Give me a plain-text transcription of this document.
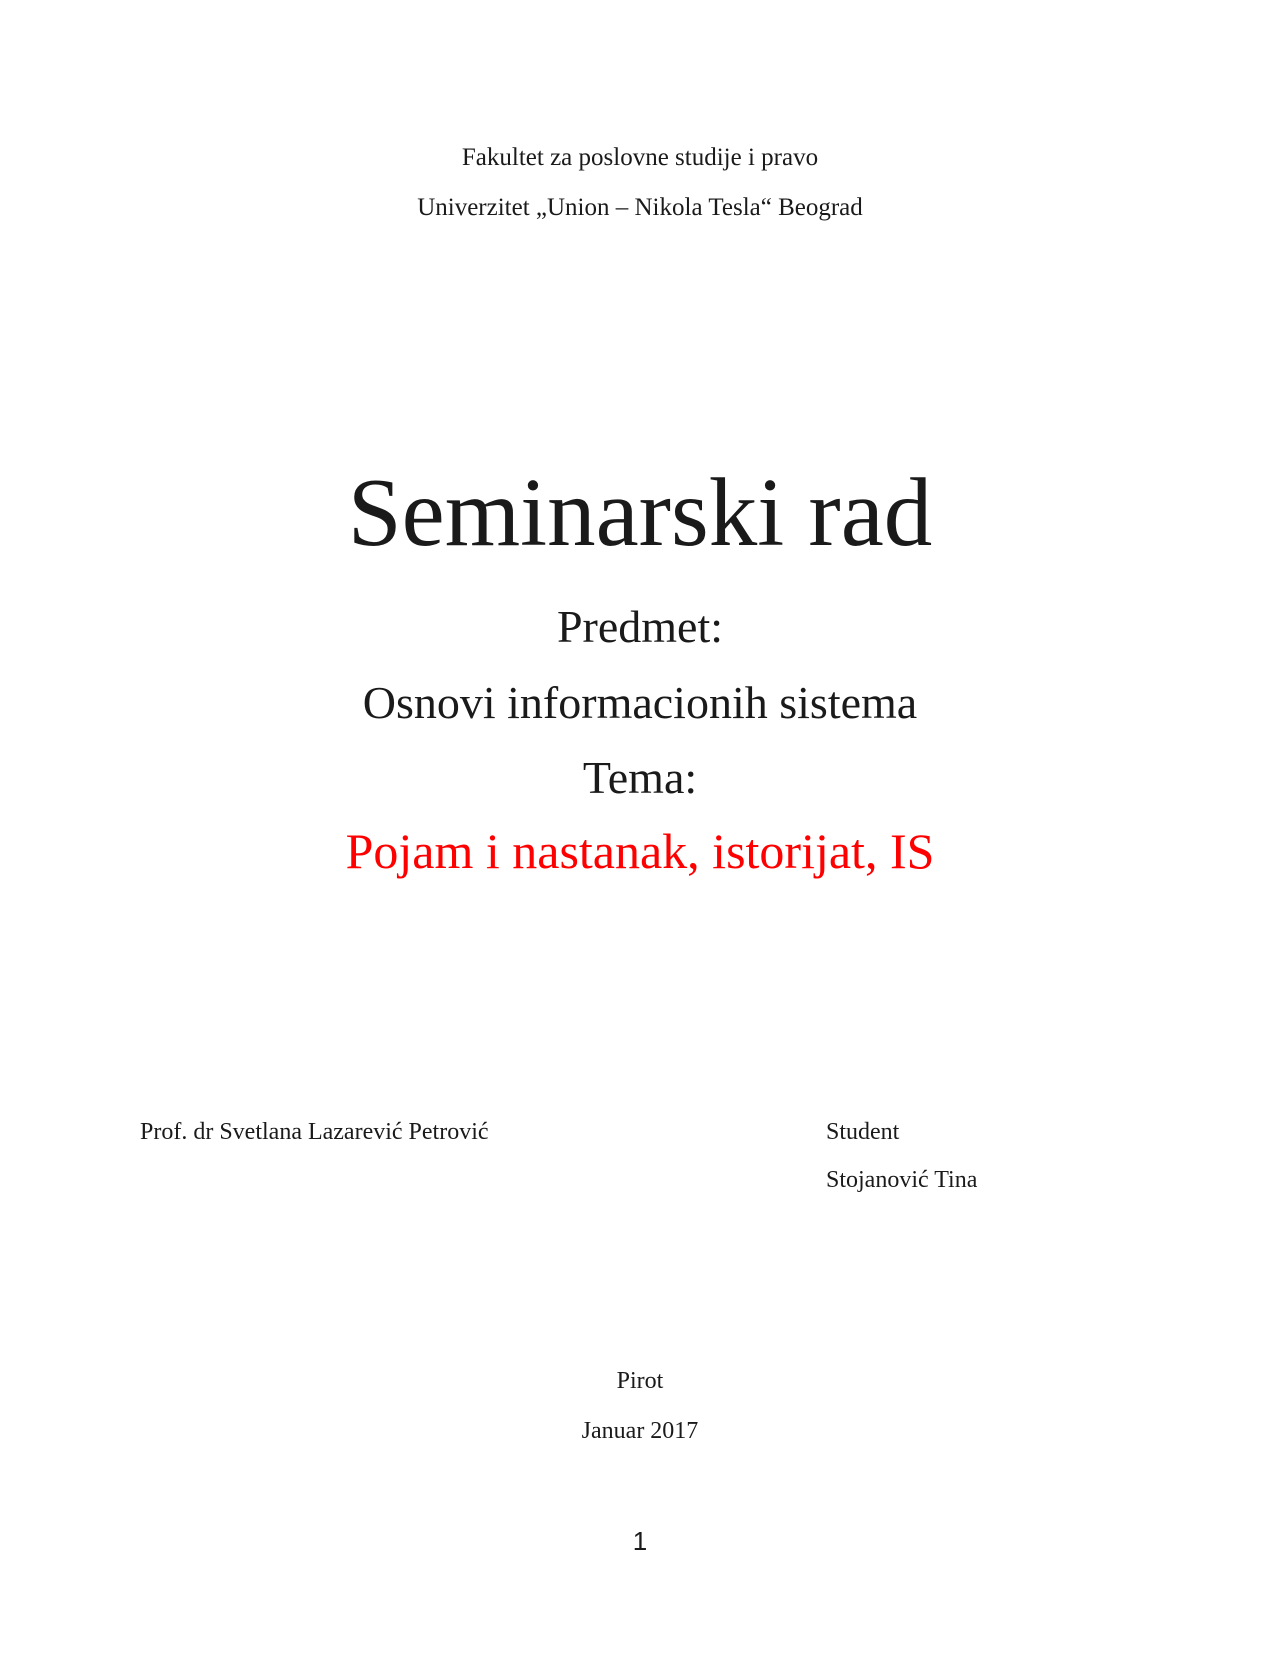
Fakultet za poslovne studije i pravo

Univerzitet „Union – Nikola Tesla“ Beograd

Seminarski rad

Predmet:

Osnovi informacionih sistema

Tema:

Pojam i nastanak, istorijat, IS

Prof. dr Svetlana Lazarević Petrović	Student
Stojanović Tina

Pirot

Januar 2017

1
